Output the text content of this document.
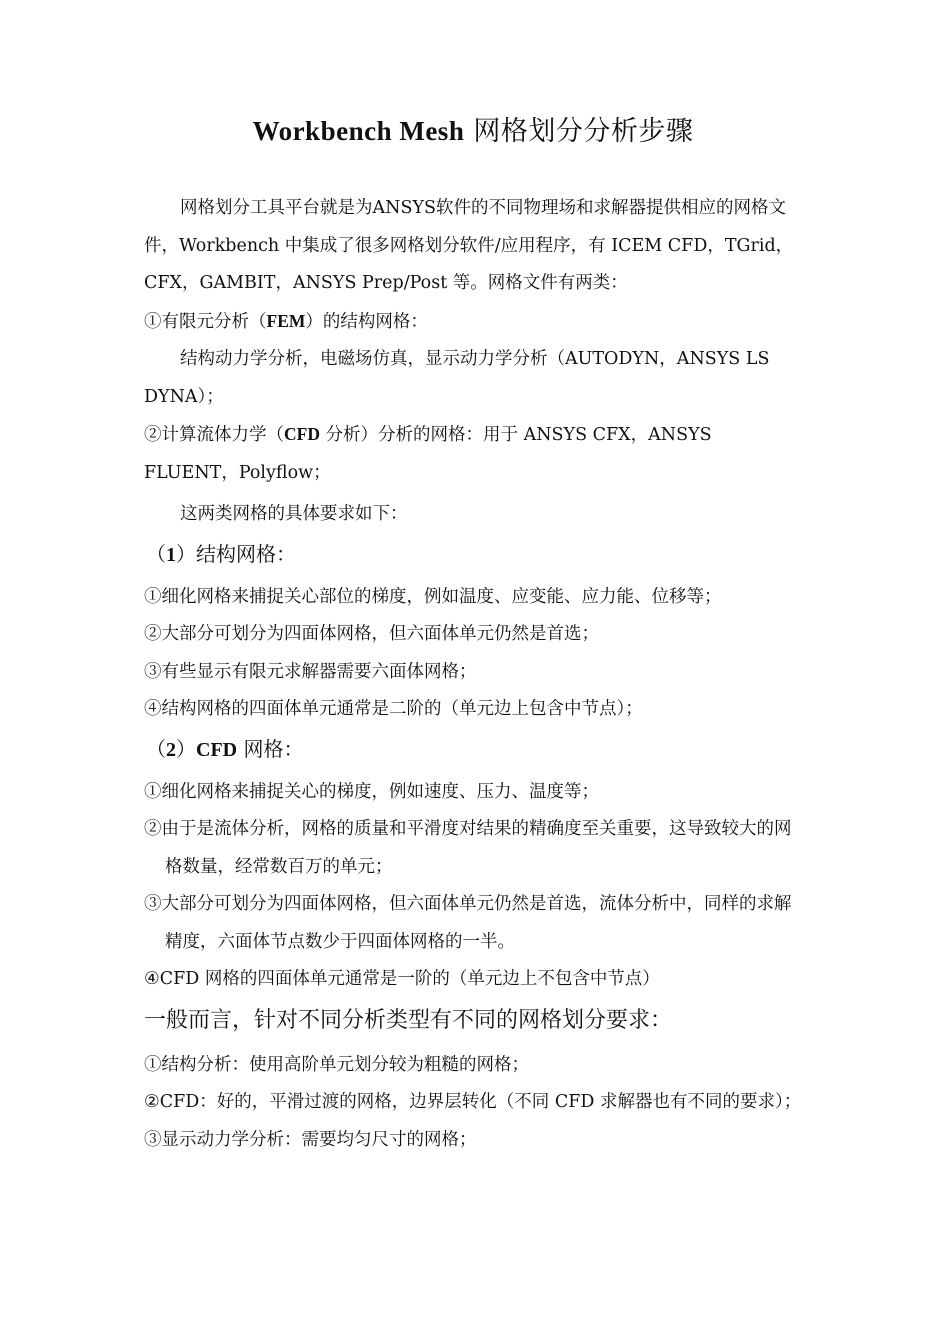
Workbench Mesh 网格划分分析步骤

网格划分工具平台就是为ANSYS软件的不同物理场和求解器提供相应的网格文件，Workbench 中集成了很多网格划分软件/应用程序，有 ICEM CFD，TGrid，CFX，GAMBIT，ANSYS Prep/Post 等。网格文件有两类：

①有限元分析（FEM）的结构网格：

结构动力学分析，电磁场仿真，显示动力学分析（AUTODYN，ANSYS LS DYNA）；

②计算流体力学（CFD 分析）分析的网格：用于 ANSYS CFX，ANSYS FLUENT，Polyflow；

这两类网格的具体要求如下：

（1）结构网格：

①细化网格来捕捉关心部位的梯度，例如温度、应变能、应力能、位移等；

②大部分可划分为四面体网格，但六面体单元仍然是首选；

③有些显示有限元求解器需要六面体网格；

④结构网格的四面体单元通常是二阶的（单元边上包含中节点）；

（2）CFD 网格：

①细化网格来捕捉关心的梯度，例如速度、压力、温度等；

②由于是流体分析，网格的质量和平滑度对结果的精确度至关重要，这导致较大的网格数量，经常数百万的单元；

③大部分可划分为四面体网格，但六面体单元仍然是首选，流体分析中，同样的求解精度，六面体节点数少于四面体网格的一半。

④CFD 网格的四面体单元通常是一阶的（单元边上不包含中节点）

一般而言，针对不同分析类型有不同的网格划分要求：

①结构分析：使用高阶单元划分较为粗糙的网格；

②CFD：好的，平滑过渡的网格，边界层转化（不同 CFD 求解器也有不同的要求）；

③显示动力学分析：需要均匀尺寸的网格；
